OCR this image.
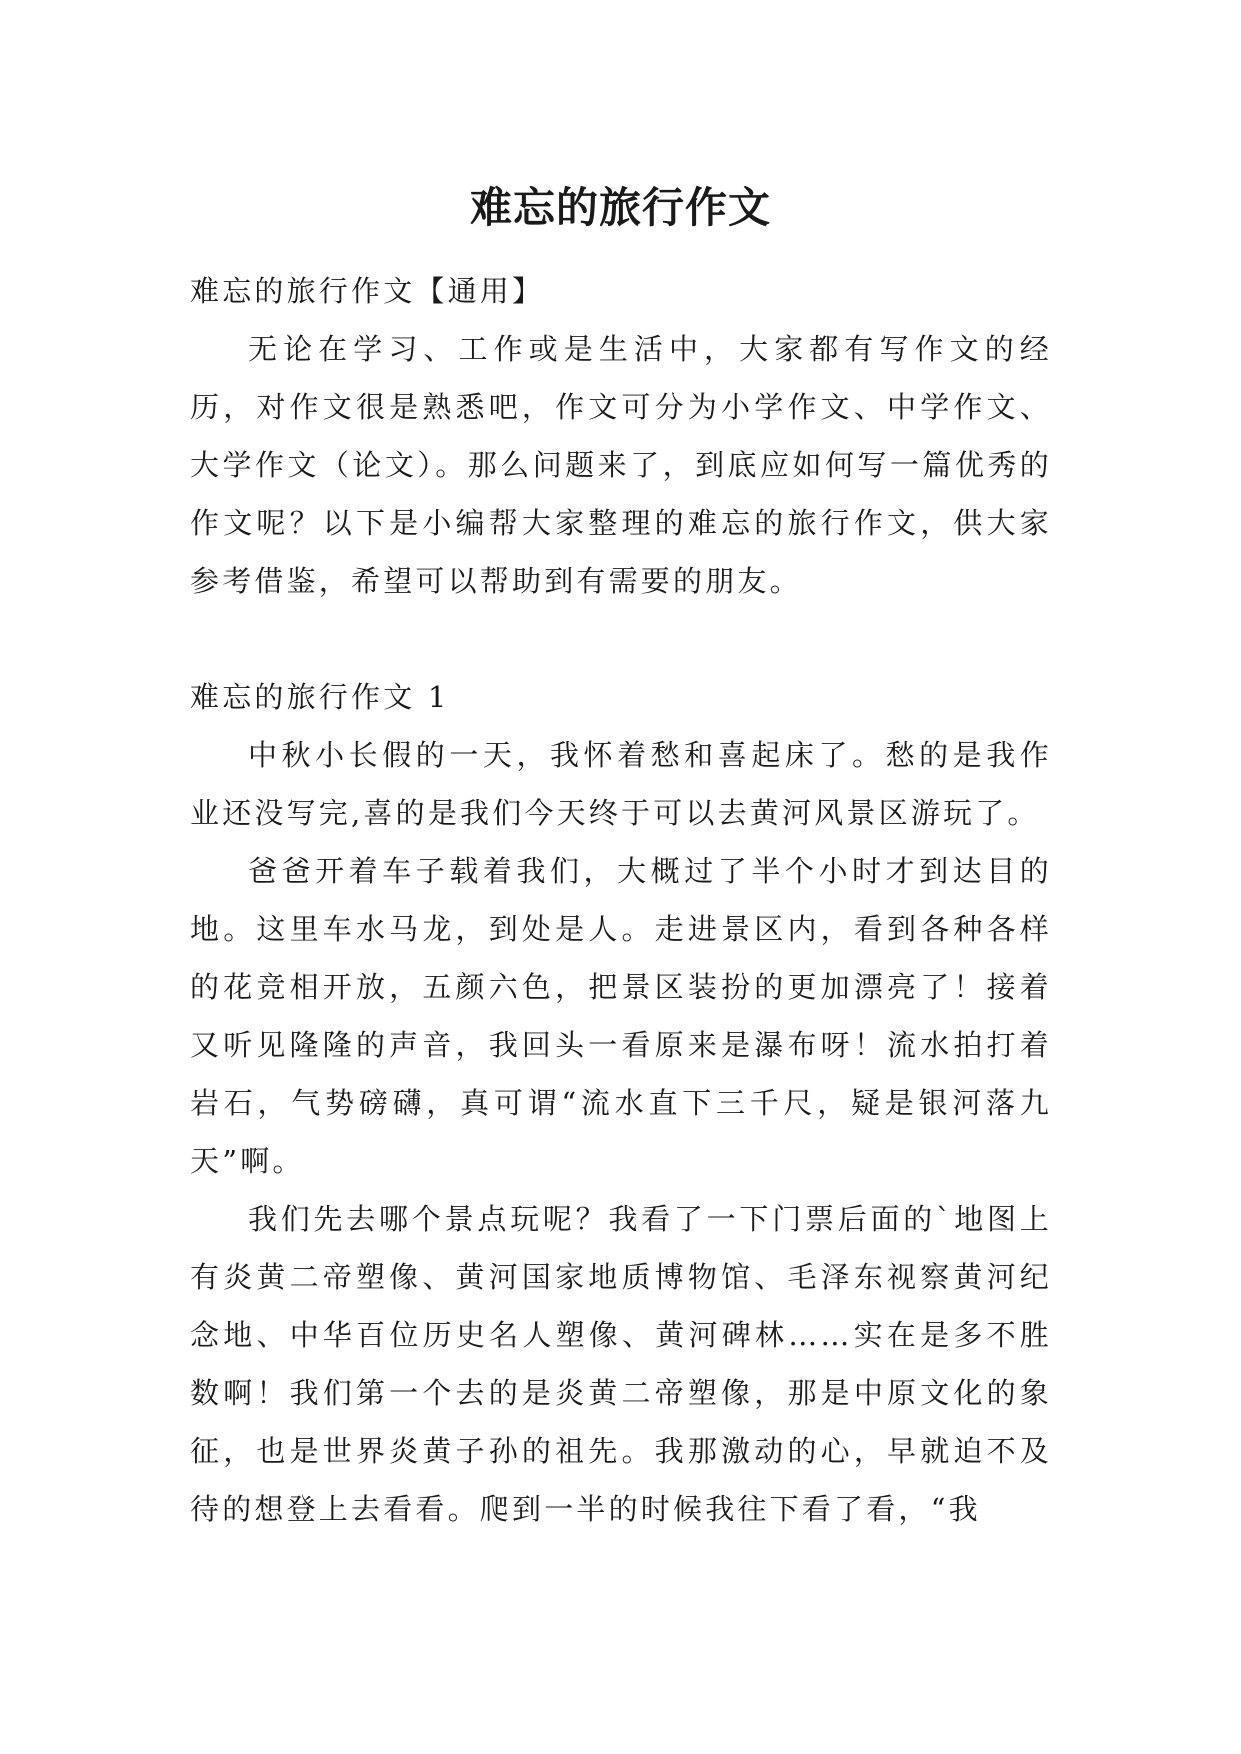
难忘的旅行作文

难忘的旅行作文【通用】

无论在学习、工作或是生活中，大家都有写作文的经历，对作文很是熟悉吧，作文可分为小学作文、中学作文、大学作文（论文）。那么问题来了，到底应如何写一篇优秀的作文呢？以下是小编帮大家整理的难忘的旅行作文，供大家参考借鉴，希望可以帮助到有需要的朋友。

难忘的旅行作文 1

中秋小长假的一天，我怀着愁和喜起床了。愁的是我作业还没写完,喜的是我们今天终于可以去黄河风景区游玩了。

爸爸开着车子载着我们，大概过了半个小时才到达目的地。这里车水马龙，到处是人。走进景区内，看到各种各样的花竞相开放，五颜六色，把景区装扮的更加漂亮了！接着又听见隆隆的声音，我回头一看原来是瀑布呀！流水拍打着岩石，气势磅礴，真可谓“流水直下三千尺，疑是银河落九天”啊。

我们先去哪个景点玩呢？我看了一下门票后面的`地图上有炎黄二帝塑像、黄河国家地质博物馆、毛泽东视察黄河纪念地、中华百位历史名人塑像、黄河碑林……实在是多不胜数啊！我们第一个去的是炎黄二帝塑像，那是中原文化的象征，也是世界炎黄子孙的祖先。我那激动的心，早就迫不及待的想登上去看看。爬到一半的时候我往下看了看，“我
